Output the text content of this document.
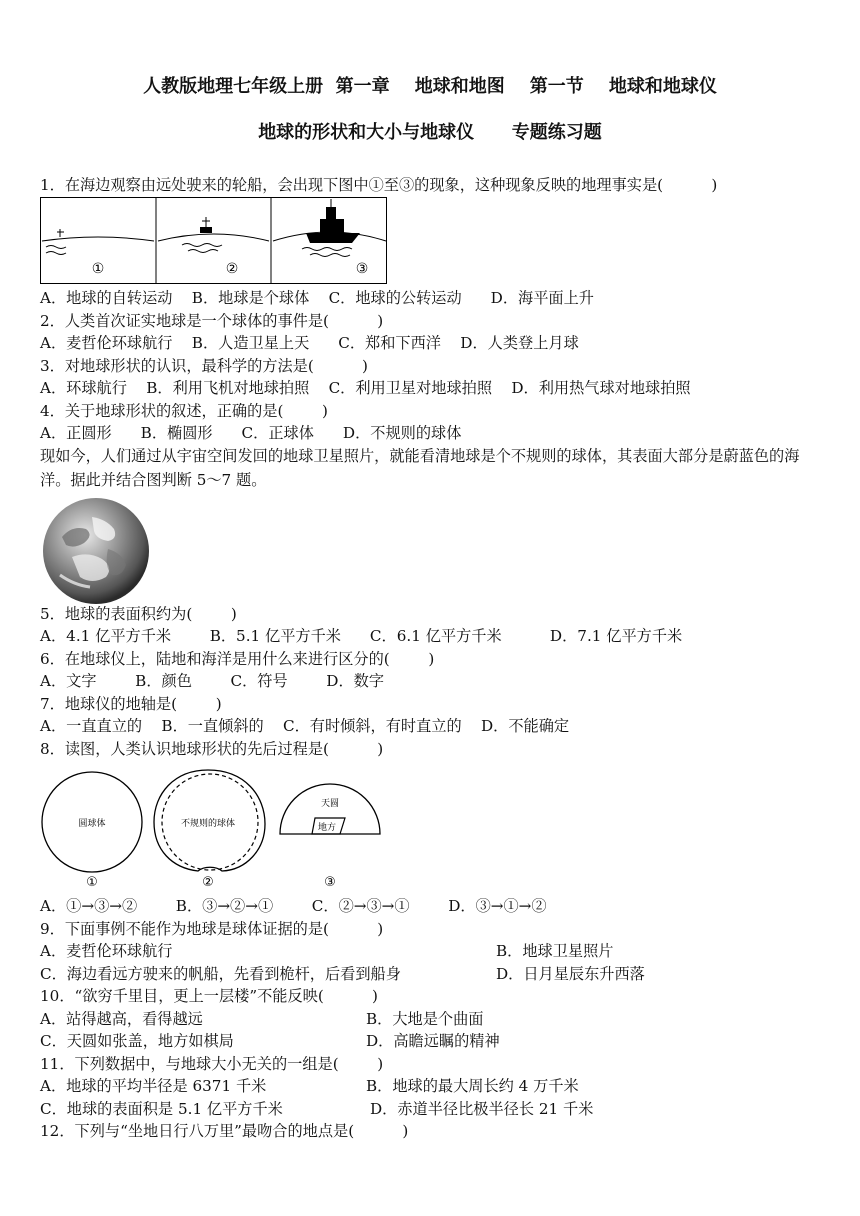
人教版地理七年级上册  第一章    地球和地图    第一节    地球和地球仪
地球的形状和大小与地球仪      专题练习题
1．在海边观察由远处驶来的轮船，会出现下图中①至③的现象，这种现象反映的地理事实是(          )
①	②	③
A．地球的自转运动    B．地球是个球体    C．地球的公转运动      D．海平面上升
2．人类首次证实地球是一个球体的事件是(          )
A．麦哲伦环球航行    B．人造卫星上天      C．郑和下西洋    D．人类登上月球
3．对地球形状的认识，最科学的方法是(          )
A．环球航行    B．利用飞机对地球拍照    C．利用卫星对地球拍照    D．利用热气球对地球拍照
4．关于地球形状的叙述，正确的是(        )
A．正圆形      B．椭圆形      C．正球体      D．不规则的球体
现如今，人们通过从宇宙空间发回的地球卫星照片，就能看清地球是个不规则的球体，其表面大部分是蔚蓝色的海洋。据此并结合图判断 5～7 题。
5．地球的表面积约为(        )
A．4.1 亿平方千米        B．5.1 亿平方千米      C．6.1 亿平方千米          D．7.1 亿平方千米
6．在地球仪上，陆地和海洋是用什么来进行区分的(        )
A．文字        B．颜色        C．符号        D．数字
7．地球仪的地轴是(        )
A．一直直立的    B．一直倾斜的    C．有时倾斜，有时直立的    D．不能确定
8．读图，人类认识地球形状的先后过程是(          )
圆球体
①
不规则的球体
②
天圆
地方
③
A．①→③→②        B．③→②→①        C．②→③→①        D．③→①→②
9．下面事例不能作为地球是球体证据的是(          )
A．麦哲伦环球航行	B．地球卫星照片
C．海边看远方驶来的帆船，先看到桅杆，后看到船身	D．日月星辰东升西落
10．“欲穷千里目，更上一层楼”不能反映(          )
A．站得越高，看得越远	B．大地是个曲面
C．天圆如张盖，地方如棋局	D．高瞻远瞩的精神
11．下列数据中，与地球大小无关的一组是(        )
A．地球的平均半径是 6371 千米	B．地球的最大周长约 4 万千米
C．地球的表面积是 5.1 亿平方千米	D．赤道半径比极半径长 21 千米
12．下列与“坐地日行八万里”最吻合的地点是(          )
